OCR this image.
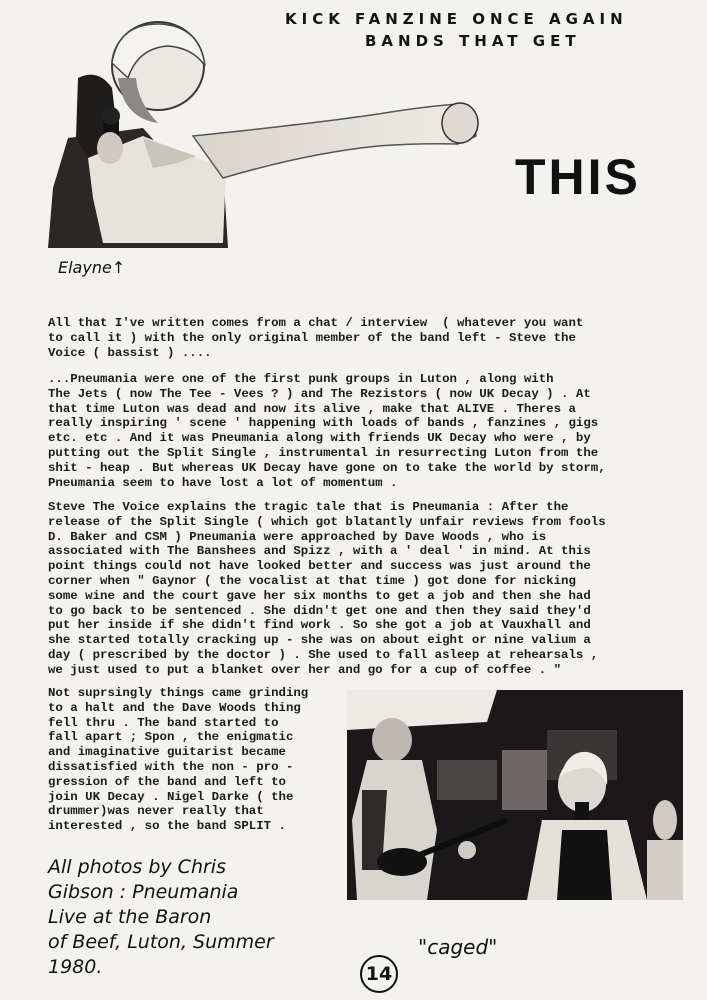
KICK FANZINE ONCE AGAIN
BANDS THAT GET
THIS
Elayne↑
All that I've written comes from a chat / interview  ( whatever you want
to call it ) with the only original member of the band left - Steve the
Voice ( bassist ) ....
...Pneumania were one of the first punk groups in Luton , along with
The Jets ( now The Tee - Vees ? ) and The Rezistors ( now UK Decay ) . At
that time Luton was dead and now its alive , make that ALIVE . Theres a
really inspiring ' scene ' happening with loads of bands , fanzines , gigs
etc. etc . And it was Pneumania along with friends UK Decay who were , by
putting out the Split Single , instrumental in resurrecting Luton from the
shit - heap . But whereas UK Decay have gone on to take the world by storm,
Pneumania seem to have lost a lot of momentum .
Steve The Voice explains the tragic tale that is Pneumania : After the
release of the Split Single ( which got blatantly unfair reviews from fools
D. Baker and CSM ) Pneumania were approached by Dave Woods , who is
associated with The Banshees and Spizz , with a ' deal ' in mind. At this
point things could not have looked better and success was just around the
corner when " Gaynor ( the vocalist at that time ) got done for nicking
some wine and the court gave her six months to get a job and then she had
to go back to be sentenced . She didn't get one and then they said they'd
put her inside if she didn't find work . So she got a job at Vauxhall and
she started totally cracking up - she was on about eight or nine valium a
day ( prescribed by the doctor ) . She used to fall asleep at rehearsals ,
we just used to put a blanket over her and go for a cup of coffee . "
Not suprsingly things came grinding
to a halt and the Dave Woods thing
fell thru . The band started to
fall apart ; Spon , the enigmatic
and imaginative guitarist became
dissatisfied with the non - pro -
gression of the band and left to
join UK Decay . Nigel Darke ( the
drummer)was never really that
interested , so the band SPLIT .
All photos by Chris
Gibson : Pneumania
Live at the Baron
of Beef, Luton, Summer
1980.
"caged"
14
